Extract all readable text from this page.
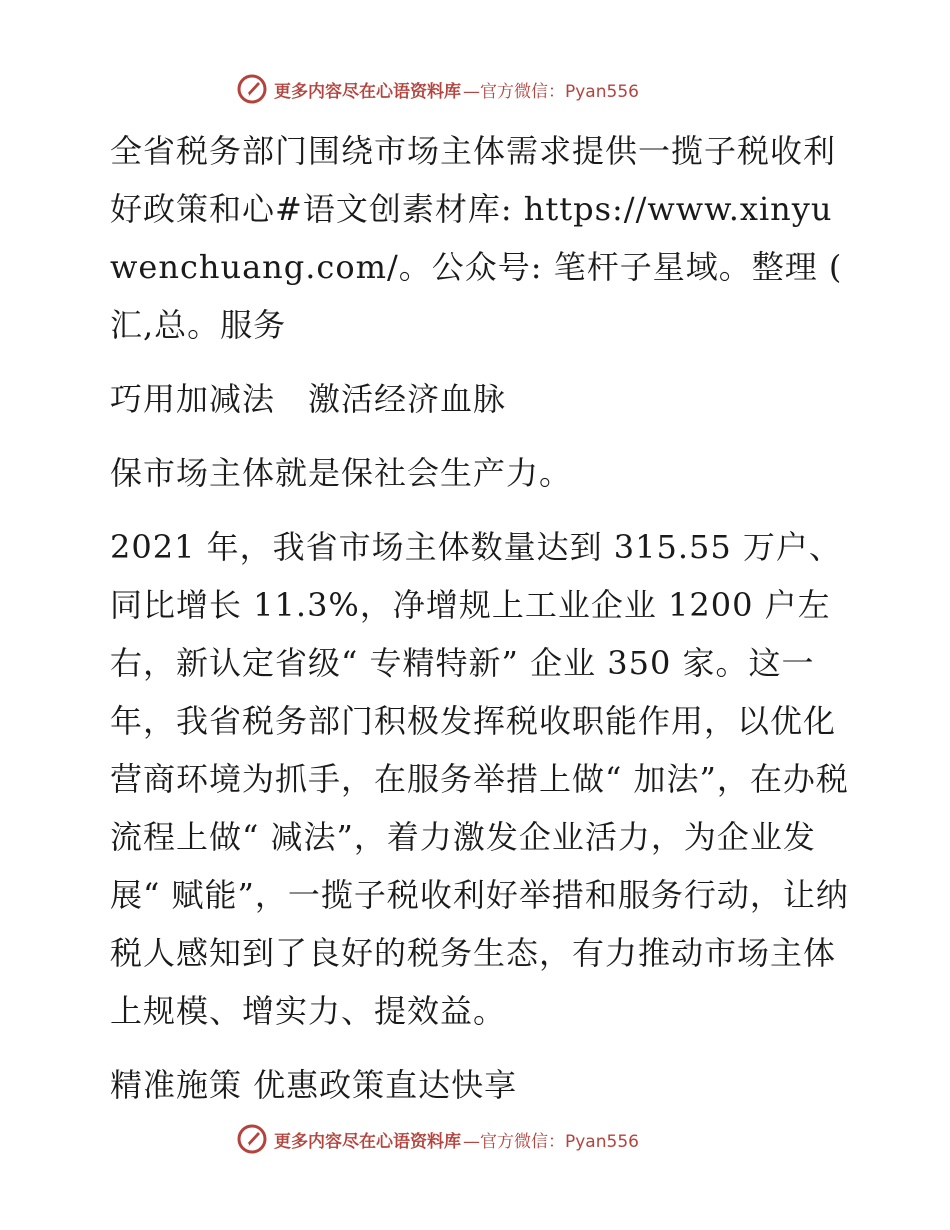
更多内容尽在心语资料库 —官方微信：Pyan556

全省税务部门围绕市场主体需求提供一揽子税收利好政策和心#语文创素材库: https://www.xinyuwenchuang.com/。公众号: 笔杆子星域。整理 ( 汇,总。服务

巧用加减法　激活经济血脉

保市场主体就是保社会生产力。

2021 年，我省市场主体数量达到 315.55 万户、同比增长 11.3%，净增规上工业企业 1200 户左右，新认定省级“ 专精特新” 企业 350 家。这一年，我省税务部门积极发挥税收职能作用，以优化营商环境为抓手，在服务举措上做“ 加法”，在办税流程上做“ 减法”，着力激发企业活力，为企业发展“ 赋能”，一揽子税收利好举措和服务行动，让纳税人感知到了良好的税务生态，有力推动市场主体上规模、增实力、提效益。

精准施策 优惠政策直达快享

更多内容尽在心语资料库 —官方微信：Pyan556
